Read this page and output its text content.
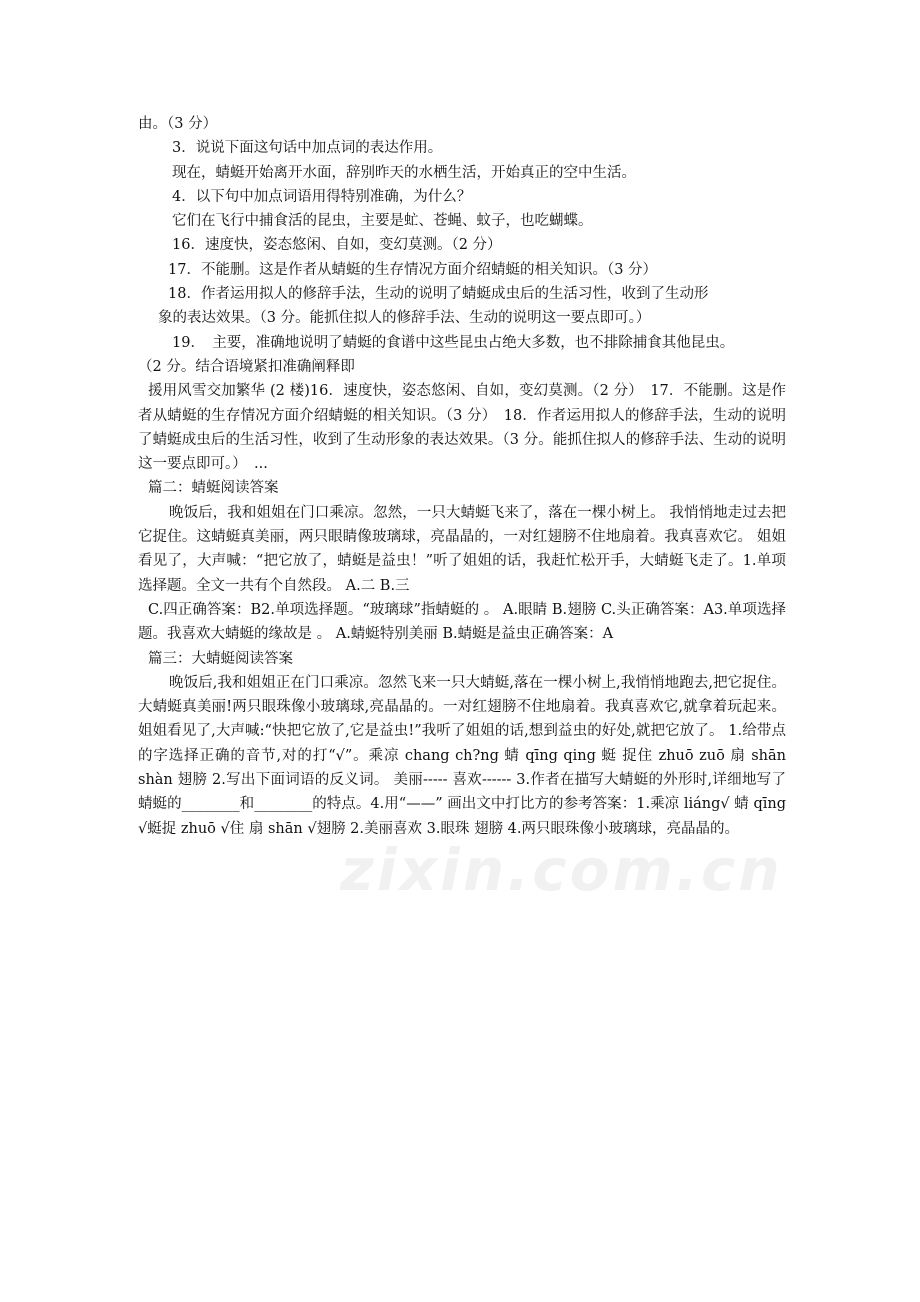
由。（3 分）
3．说说下面这句话中加点词的表达作用。
现在，蜻蜓开始离开水面，辞别昨天的水栖生活，开始真正的空中生活。
4．以下句中加点词语用得特别准确，为什么？
它们在飞行中捕食活的昆虫，主要是虻、苍蝇、蚊子，也吃蝴蝶。
16．速度快，姿态悠闲、自如，变幻莫测。（2 分）
17．不能删。这是作者从蜻蜓的生存情况方面介绍蜻蜓的相关知识。（3 分）
18．作者运用拟人的修辞手法，生动的说明了蜻蜓成虫后的生活习性，收到了生动形
象的表达效果。（3 分。能抓住拟人的修辞手法、生动的说明这一要点即可。）
19．　主要，准确地说明了蜻蜓的食谱中这些昆虫占绝大多数，也不排除捕食其他昆虫。
（2 分。结合语境紧扣准确阐释即
援用风雪交加繁华 (2 楼)16．速度快，姿态悠闲、自如，变幻莫测。（2 分）　17．不能删。这是作者从蜻蜓的生存情况方面介绍蜻蜓的相关知识。（3 分）　18．作者运用拟人的修辞手法，生动的说明了蜻蜓成虫后的生活习性，收到了生动形象的表达效果。（3 分。能抓住拟人的修辞手法、生动的说明这一要点即可。）　...
篇二：蜻蜓阅读答案
晚饭后，我和姐姐在门口乘凉。忽然，一只大蜻蜓飞来了，落在一棵小树上。 我悄悄地走过去把它捉住。这蜻蜓真美丽，两只眼睛像玻璃球，亮晶晶的，一对红翅膀不住地扇着。我真喜欢它。 姐姐看见了，大声喊：“把它放了，蜻蜓是益虫！”听了姐姐的话，我赶忙松开手，大蜻蜓飞走了。1.单项选择题。全文一共有个自然段。 A.二 B.三
C.四正确答案：B2.单项选择题。“玻璃球”指蜻蜓的 。 A.眼睛 B.翅膀 C.头正确答案：A3.单项选择题。我喜欢大蜻蜓的缘故是 。 A.蜻蜓特别美丽 B.蜻蜓是益虫正确答案：A
篇三：大蜻蜓阅读答案
晚饭后,我和姐姐正在门口乘凉。忽然飞来一只大蜻蜓,落在一棵小树上,我悄悄地跑去,把它捉住。大蜻蜓真美丽!两只眼珠像小玻璃球,亮晶晶的。一对红翅膀不住地扇着。我真喜欢它,就拿着玩起来。 姐姐看见了,大声喊:“快把它放了,它是益虫!”我听了姐姐的话,想到益虫的好处,就把它放了。 1.给带点的字选择正确的音节,对的打“√”。乘凉 chang ch?ng 蜻 qīng qing 蜓 捉住 zhuō zuō 扇 shān shàn 翅膀 2.写出下面词语的反义词。 美丽----- 喜欢------ 3.作者在描写大蜻蜓的外形时,详细地写了蜻蜓的________和________的特点。4.用“——” 画出文中打比方的参考答案：1.乘凉 liáng√ 蜻 qīng √蜓捉 zhuō √住 扇 shān √翅膀 2.美丽喜欢 3.眼珠 翅膀 4.两只眼珠像小玻璃球，亮晶晶的。
zixin.com.cn
